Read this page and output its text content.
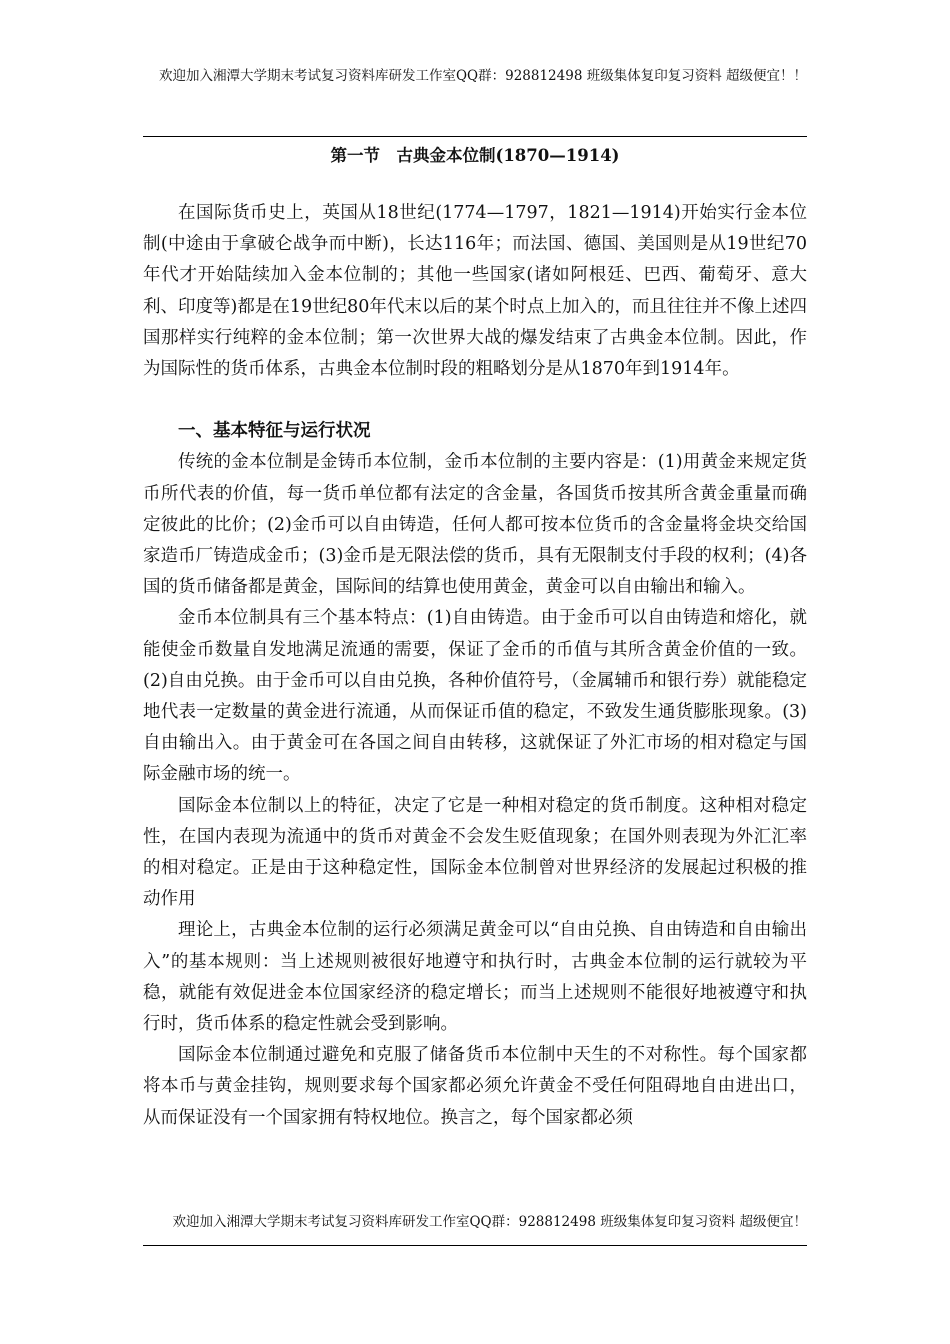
欢迎加入湘潭大学期末考试复习资料库研发工作室QQ群：928812498 班级集体复印复习资料 超级便宜！！
第一节　古典金本位制(1870—1914)

在国际货币史上，英国从18世纪(1774—1797，1821—1914)开始实行金本位制(中途由于拿破仑战争而中断)，长达116年；而法国、德国、美国则是从19世纪70年代才开始陆续加入金本位制的；其他一些国家(诸如阿根廷、巴西、葡萄牙、意大利、印度等)都是在19世纪80年代末以后的某个时点上加入的，而且往往并不像上述四国那样实行纯粹的金本位制；第一次世界大战的爆发结束了古典金本位制。因此，作为国际性的货币体系，古典金本位制时段的粗略划分是从1870年到1914年。

一、基本特征与运行状况

传统的金本位制是金铸币本位制，金币本位制的主要内容是：(1)用黄金来规定货币所代表的价值，每一货币单位都有法定的含金量，各国货币按其所含黄金重量而确定彼此的比价；(2)金币可以自由铸造，任何人都可按本位货币的含金量将金块交给国家造币厂铸造成金币；(3)金币是无限法偿的货币，具有无限制支付手段的权利；(4)各国的货币储备都是黄金，国际间的结算也使用黄金，黄金可以自由输出和输入。

金币本位制具有三个基本特点：(1)自由铸造。由于金币可以自由铸造和熔化，就能使金币数量自发地满足流通的需要，保证了金币的币值与其所含黄金价值的一致。(2)自由兑换。由于金币可以自由兑换，各种价值符号，（金属辅币和银行券）就能稳定地代表一定数量的黄金进行流通，从而保证币值的稳定，不致发生通货膨胀现象。(3)自由输出入。由于黄金可在各国之间自由转移，这就保证了外汇市场的相对稳定与国际金融市场的统一。

国际金本位制以上的特征，决定了它是一种相对稳定的货币制度。这种相对稳定性，在国内表现为流通中的货币对黄金不会发生贬值现象；在国外则表现为外汇汇率的相对稳定。正是由于这种稳定性，国际金本位制曾对世界经济的发展起过积极的推动作用

理论上，古典金本位制的运行必须满足黄金可以“自由兑换、自由铸造和自由输出入”的基本规则：当上述规则被很好地遵守和执行时，古典金本位制的运行就较为平稳，就能有效促进金本位国家经济的稳定增长；而当上述规则不能很好地被遵守和执行时，货币体系的稳定性就会受到影响。

国际金本位制通过避免和克服了储备货币本位制中天生的不对称性。每个国家都将本币与黄金挂钩，规则要求每个国家都必须允许黄金不受任何阻碍地自由进出口，从而保证没有一个国家拥有特权地位。换言之，每个国家都必须

欢迎加入湘潭大学期末考试复习资料库研发工作室QQ群：928812498 班级集体复印复习资料 超级便宜！
